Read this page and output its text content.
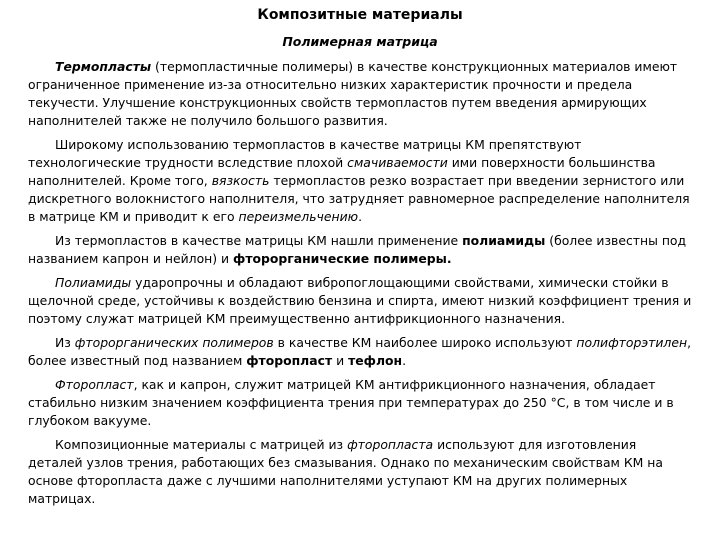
Композитные материалы
Полимерная матрица

Термопласты (термопластичные полимеры) в качестве конструкционных материалов имеют ограниченное применение из-за относительно низких характеристик прочности и предела текучести. Улучшение конструкционных свойств термопластов путем введения армирующих наполнителей также не получило большого развития.

Широкому использованию термопластов в качестве матрицы КМ препятствуют технологические трудности вследствие плохой смачиваемости ими поверхности большинства наполнителей. Кроме того, вязкость термопластов резко возрастает при введении зернистого или дискретного волокнистого наполнителя, что затрудняет равномерное распределение наполнителя в матрице КМ и приводит к его переизмельчению.

Из термопластов в качестве матрицы КМ нашли применение полиамиды (более известны под названием капрон и нейлон) и фторорганические полимеры.

Полиамиды ударопрочны и обладают вибропоглощающими свойствами, химически стойки в щелочной среде, устойчивы к воздействию бензина и спирта, имеют низкий коэффициент трения и поэтому служат матрицей КМ преимущественно антифрикционного назначения.

Из фторорганических полимеров в качестве КМ наиболее широко используют полифторэтилен, более известный под названием фторопласт и тефлон.

Фторопласт, как и капрон, служит матрицей КМ антифрикционного назначения, обладает стабильно низким значением коэффициента трения при температурах до 250 °С, в том числе и в глубоком вакууме.

Композиционные материалы с матрицей из фторопласта используют для изготовления деталей узлов трения, работающих без смазывания. Однако по механическим свойствам КМ на основе фторопласта даже с лучшими наполнителями уступают КМ на других полимерных матрицах.
